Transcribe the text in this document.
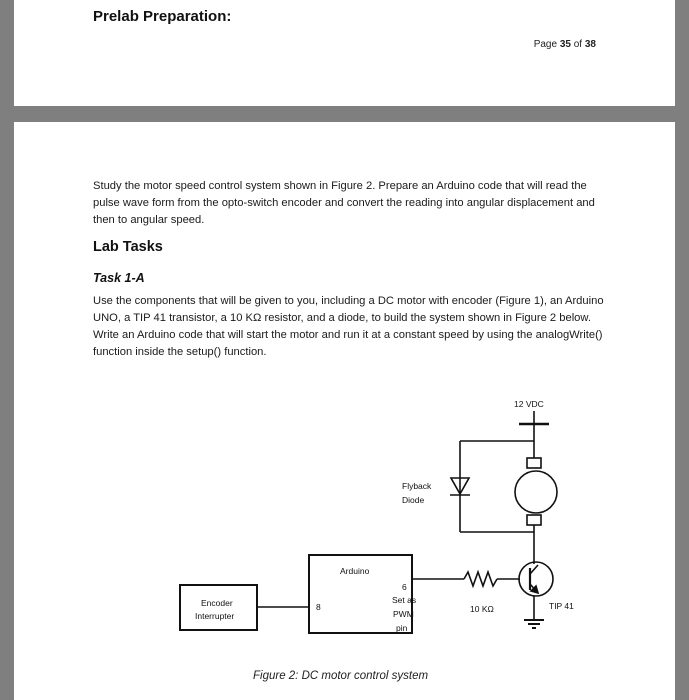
Prelab Preparation:
Page 35 of 38
Study the motor speed control system shown in Figure 2. Prepare an Arduino code that will read the pulse wave form from the opto-switch encoder and convert the reading into angular displacement and then to angular speed.
Lab Tasks
Task 1-A
Use the components that will be given to you, including a DC motor with encoder (Figure 1), an Arduino UNO, a TIP 41 transistor, a 10 KΩ resistor, and a diode, to build the system shown in Figure 2 below. Write an Arduino code that will start the motor and run it at a constant speed by using the analogWrite() function inside the setup() function.
12 VDC
Flyback
Diode
Arduino
6
8
Set as
PWM
pin
Encoder
Interrupter
10 KΩ	TIP 41
Figure 2: DC motor control system
